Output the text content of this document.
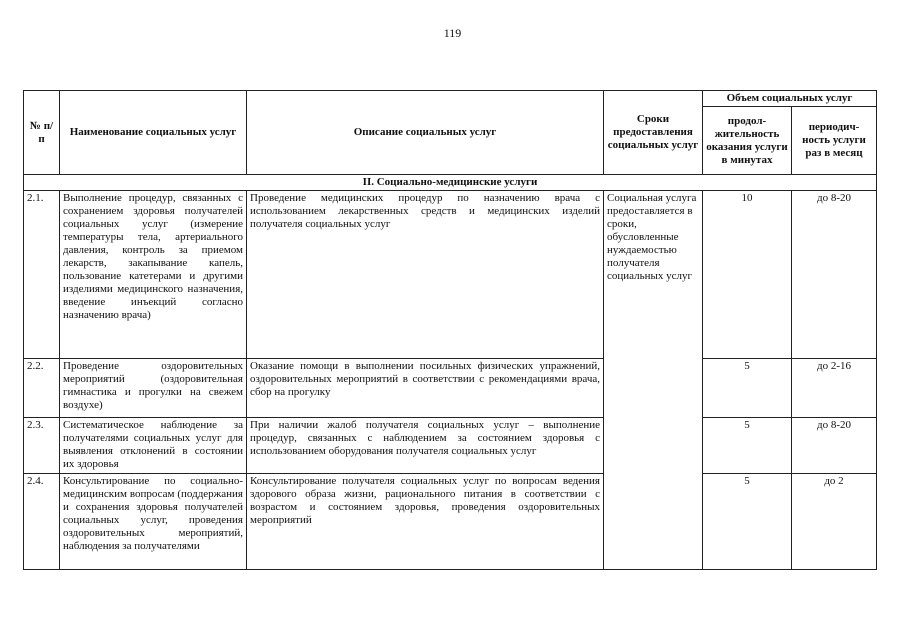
119
№ п/п	Наименование социальных услуг	Описание социальных услуг	Сроки предоставления социальных услуг	Объем социальных услуг	
				продол-жительность оказания услуги в минутах	периодич-ность услуги раз в месяц
II. Социально-медицинские услуги					
2.1.	Выполнение процедур, связанных с сохранением здоровья получателей социальных услуг (измерение температуры тела, артериального давления, контроль за приемом лекарств, закапывание капель, пользование катетерами и другими изделиями медицинского назначения, введение инъекций согласно назначению врача)	Проведение медицинских процедур по назначению врача с использованием лекарственных средств и медицинских изделий получателя социальных услуг	Социальная услуга предоставляется в сроки, обусловленные нуждаемостью получателя социальных услуг	10	до 8-20
2.2.	Проведение оздоровительных мероприятий (оздоровительная гимнастика и прогулки на свежем воздухе)	Оказание помощи в выполнении посильных физических упражнений, оздоровительных мероприятий в соответствии с рекомендациями врача, сбор на прогулку		5	до 2-16
2.3.	Систематическое наблюдение за получателями социальных услуг для выявления отклонений в состоянии их здоровья	При наличии жалоб получателя социальных услуг – выполнение процедур, связанных с наблюдением за состоянием здоровья с использованием оборудования получателя социальных услуг		5	до 8-20
2.4.	Консультирование по социально-медицинским вопросам (поддержания и сохранения здоровья получателей социальных услуг, проведения оздоровительных мероприятий, наблюдения за получателями	Консультирование получателя социальных услуг по вопросам ведения здорового образа жизни, рационального питания в соответствии с возрастом и состоянием здоровья, проведения оздоровительных мероприятий		5	до 2
